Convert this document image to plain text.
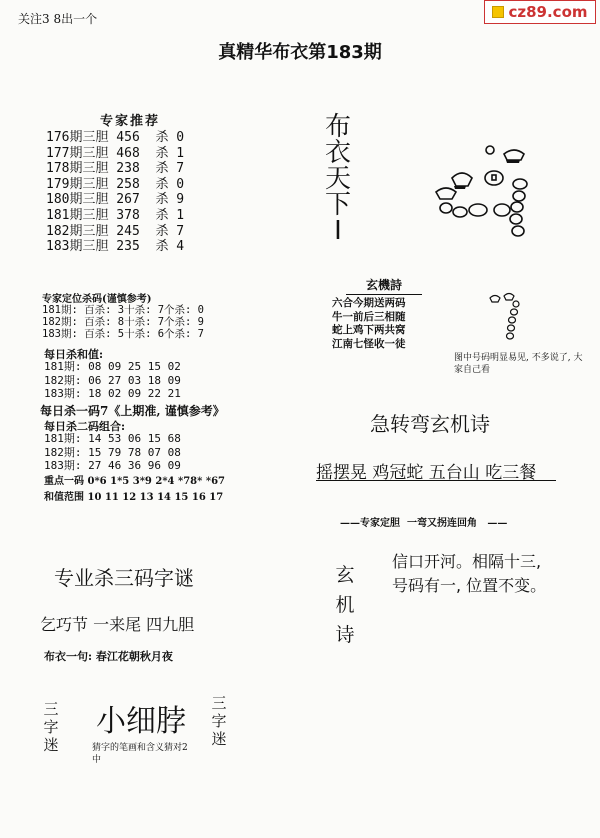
关注3 8出一个	cz89.com
真精华布衣第183期
专家推荐
176期三胆 456  杀 0
177期三胆 468  杀 1
178期三胆 238  杀 7
179期三胆 258  杀 0
180期三胆 267  杀 9
181期三胆 378  杀 1
182期三胆 245  杀 7
183期三胆 235  杀 4
专家定位杀码(谨慎参考)
181期: 百杀: 3十杀: 7个杀: 0
182期: 百杀: 8十杀: 7个杀: 9
183期: 百杀: 5十杀: 6个杀: 7
每日杀和值:
181期: 08 09 25 15 02
182期: 06 27 03 18 09
183期: 18 02 09 22 21
每日杀一码7《上期准, 谨慎参考》
每日杀二码组合:
181期: 14 53 06 15 68
182期: 15 79 78 07 08
183期: 27 46 36 96 09
重点一码 0*6 1*5 3*9 2*4 *78* *67
和值范围 10 11 12 13 14 15 16 17
专业杀三码字谜
乞巧节 一来尾 四九胆
布衣一句: 春江花朝秋月夜
三字迷
小细脖
三字迷
猜字的笔画和含义猜对2中
布衣天下I
玄機詩
六合今期送两码
牛一前后三相随
蛇上鸡下两共窝
江南七怪收一徒
图中号码明显易见, 不多说了, 大家自己看
急转弯玄机诗
摇摆晃 鸡冠蛇 五台山 吃三餐
——专家定胆  一弯又拐连回角   ——
玄机诗
信口开河。相隔十三,
号码有一, 位置不变。
